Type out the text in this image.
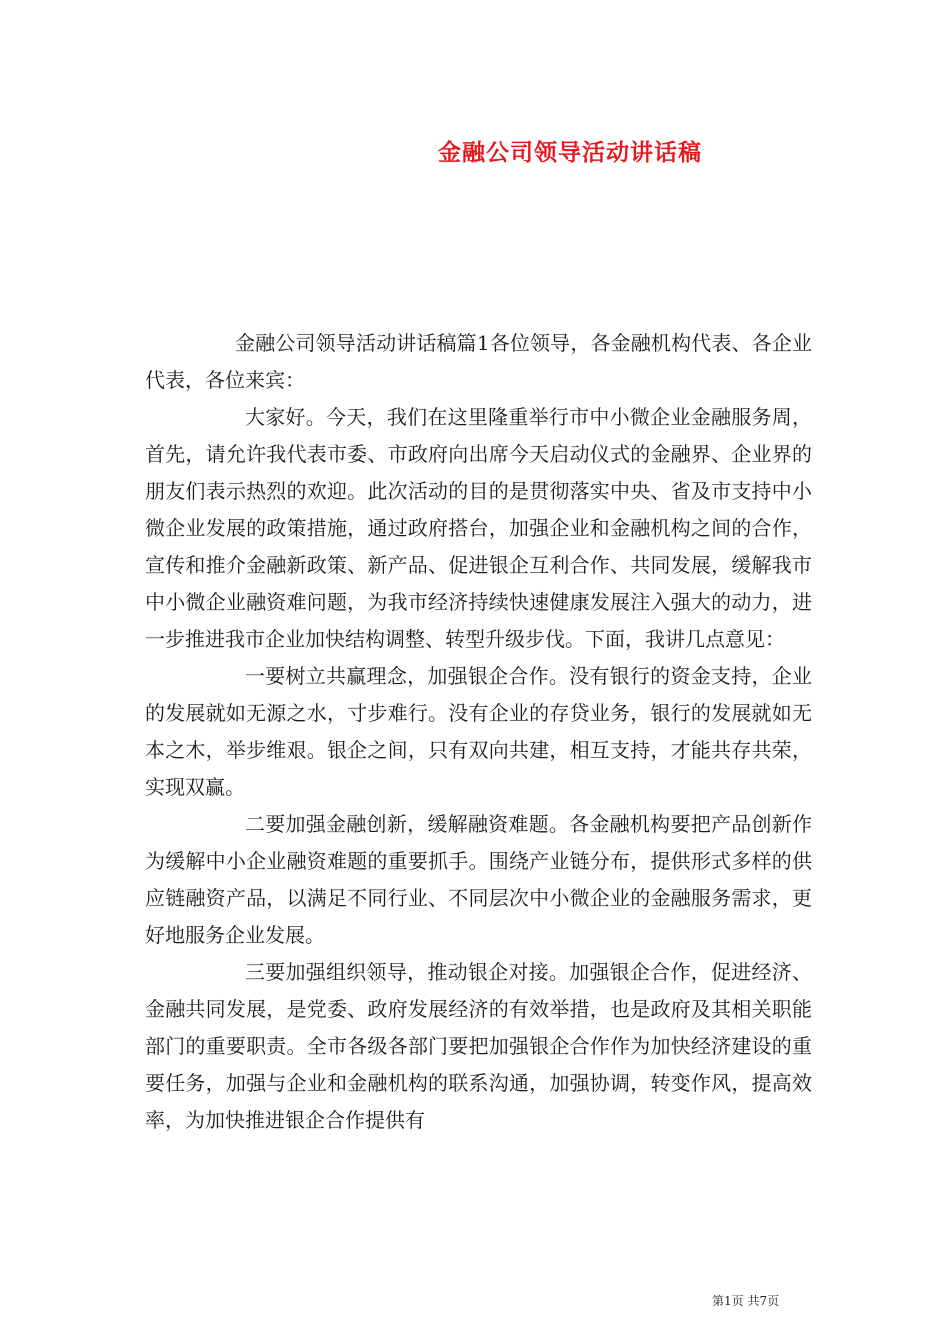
金融公司领导活动讲话稿

金融公司领导活动讲话稿篇1各位领导，各金融机构代表、各企业代表，各位来宾：

大家好。今天，我们在这里隆重举行市中小微企业金融服务周，首先，请允许我代表市委、市政府向出席今天启动仪式的金融界、企业界的朋友们表示热烈的欢迎。此次活动的目的是贯彻落实中央、省及市支持中小微企业发展的政策措施，通过政府搭台，加强企业和金融机构之间的合作，宣传和推介金融新政策、新产品、促进银企互利合作、共同发展，缓解我市中小微企业融资难问题，为我市经济持续快速健康发展注入强大的动力，进一步推进我市企业加快结构调整、转型升级步伐。下面，我讲几点意见：

一要树立共赢理念，加强银企合作。没有银行的资金支持，企业的发展就如无源之水，寸步难行。没有企业的存贷业务，银行的发展就如无本之木，举步维艰。银企之间，只有双向共建，相互支持，才能共存共荣，实现双赢。

二要加强金融创新，缓解融资难题。各金融机构要把产品创新作为缓解中小企业融资难题的重要抓手。围绕产业链分布，提供形式多样的供应链融资产品，以满足不同行业、不同层次中小微企业的金融服务需求，更好地服务企业发展。

三要加强组织领导，推动银企对接。加强银企合作，促进经济、金融共同发展，是党委、政府发展经济的有效举措，也是政府及其相关职能部门的重要职责。全市各级各部门要把加强银企合作作为加快经济建设的重要任务，加强与企业和金融机构的联系沟通，加强协调，转变作风，提高效率，为加快推进银企合作提供有

第1页 共7页
